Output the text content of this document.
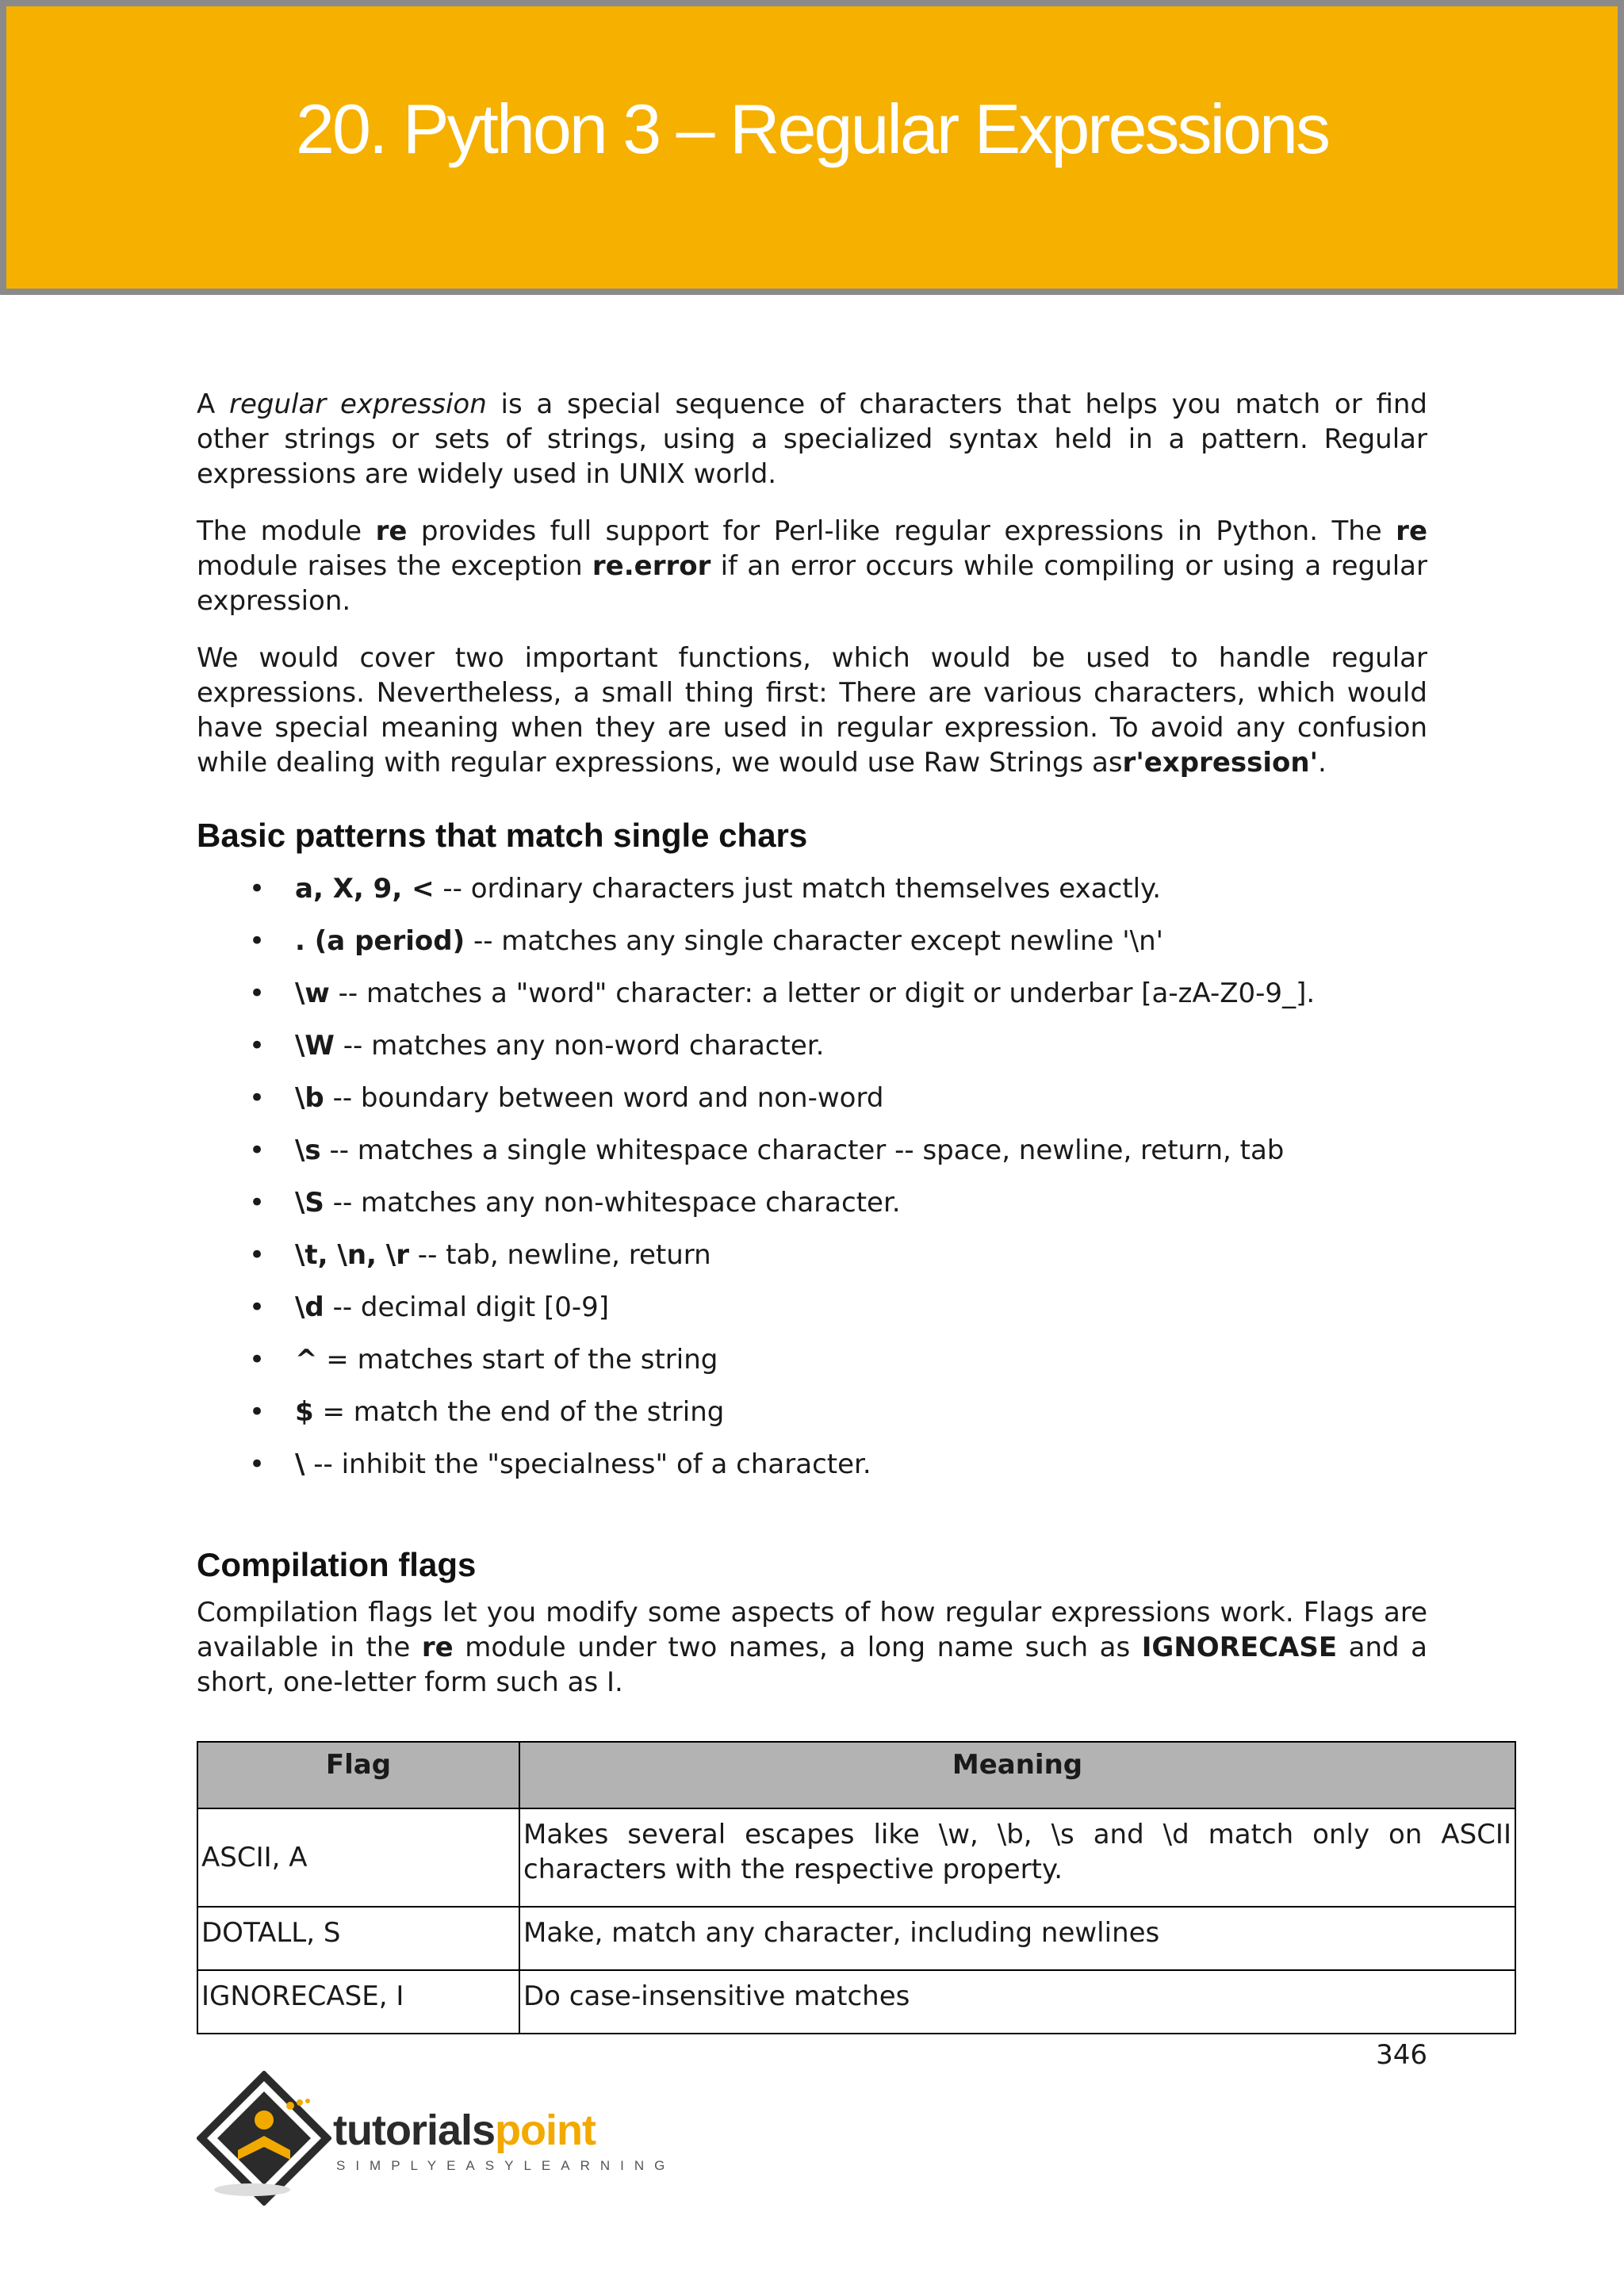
20. Python 3 – Regular Expressions

A regular expression is a special sequence of characters that helps you match or find other strings or sets of strings, using a specialized syntax held in a pattern. Regular expressions are widely used in UNIX world.

The module re provides full support for Perl-like regular expressions in Python. The re module raises the exception re.error if an error occurs while compiling or using a regular expression.

We would cover two important functions, which would be used to handle regular expressions. Nevertheless, a small thing first: There are various characters, which would have special meaning when they are used in regular expression. To avoid any confusion while dealing with regular expressions, we would use Raw Strings asr'expression'.

Basic patterns that match single chars
• a, X, 9, < -- ordinary characters just match themselves exactly.
• . (a period) -- matches any single character except newline '\n'
• \w -- matches a "word" character: a letter or digit or underbar [a-zA-Z0-9_].
• \W -- matches any non-word character.
• \b -- boundary between word and non-word
• \s -- matches a single whitespace character -- space, newline, return, tab
• \S -- matches any non-whitespace character.
• \t, \n, \r -- tab, newline, return
• \d -- decimal digit [0-9]
• ^ = matches start of the string
• $ = match the end of the string
• \ -- inhibit the "specialness" of a character.
Compilation flags

Compilation flags let you modify some aspects of how regular expressions work. Flags are available in the re module under two names, a long name such as IGNORECASE and a short, one-letter form such as I.

Flag	Meaning
ASCII, A	Makes several escapes like \w, \b, \s and \d match only on ASCII characters with the respective property.
DOTALL, S	Make, match any character, including newlines
IGNORECASE, I	Do case-insensitive matches
346
tutorialspoint
SIMPLYEASYLEARNING
